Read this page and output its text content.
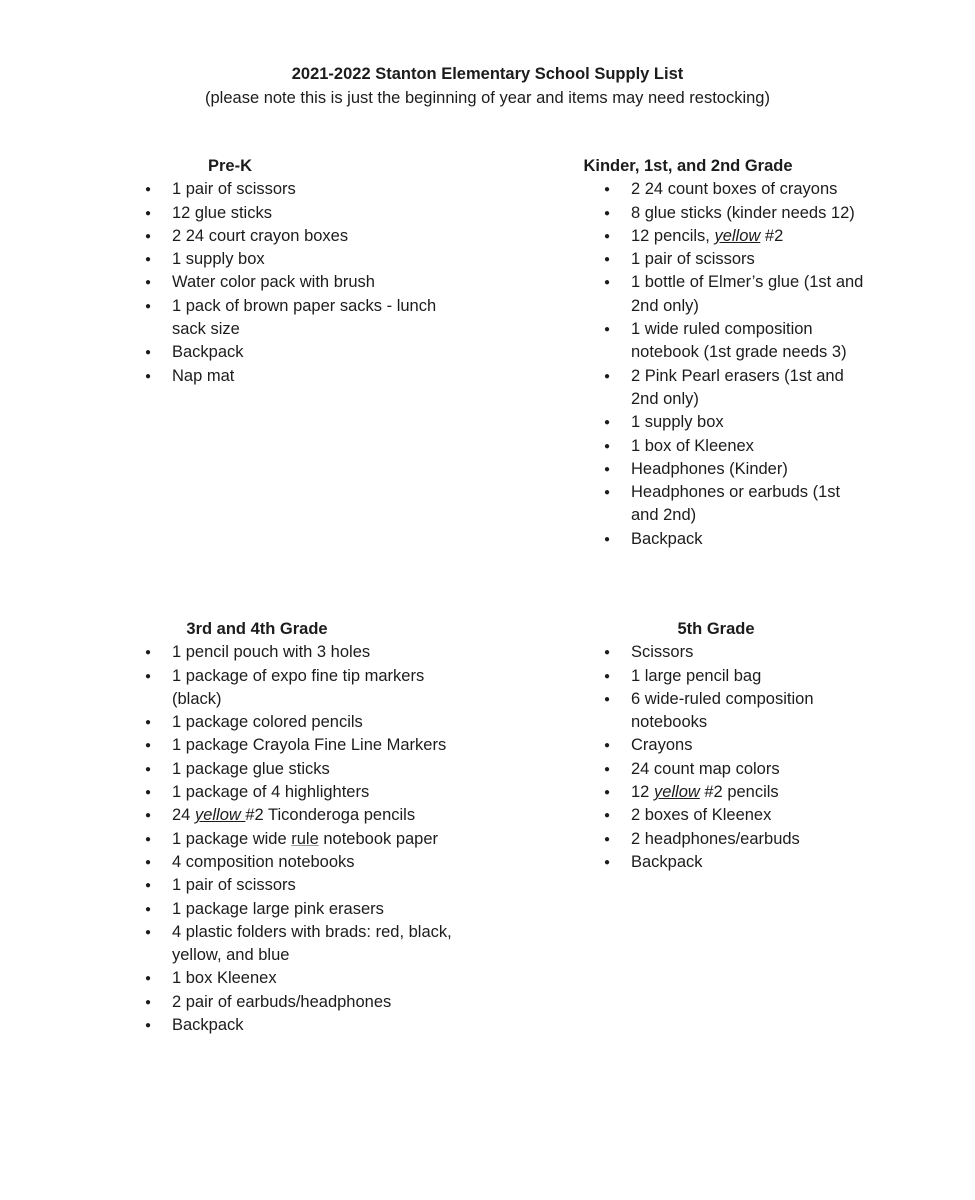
2021-2022 Stanton Elementary School Supply List
(please note this is just the beginning of year and items may need restocking)
Pre-K
● 1 pair of scissors
● 12 glue sticks
● 2 24 court crayon boxes
● 1 supply box
● Water color pack with brush
● 1 pack of brown paper sacks - lunch sack size
● Backpack
● Nap mat
Kinder, 1st, and 2nd Grade
● 2 24 count boxes of crayons
● 8 glue sticks (kinder needs 12)
● 12 pencils, yellow #2
● 1 pair of scissors
● 1 bottle of Elmer’s glue (1st and 2nd only)
● 1 wide ruled composition notebook (1st grade needs 3)
● 2 Pink Pearl erasers (1st and 2nd only)
● 1 supply box
● 1 box of Kleenex
● Headphones (Kinder)
● Headphones or earbuds (1st and 2nd)
● Backpack
3rd and 4th Grade
● 1 pencil pouch with 3 holes
● 1 package of expo fine tip markers (black)
● 1 package colored pencils
● 1 package Crayola Fine Line Markers
● 1 package glue sticks
● 1 package of 4 highlighters
● 24 yellow #2 Ticonderoga pencils
● 1 package wide rule notebook paper
● 4 composition notebooks
● 1 pair of scissors
● 1 package large pink erasers
● 4 plastic folders with brads: red, black, yellow, and blue
● 1 box Kleenex
● 2 pair of earbuds/headphones
● Backpack
5th Grade
● Scissors
● 1 large pencil bag
● 6 wide-ruled composition notebooks
● Crayons
● 24 count map colors
● 12 yellow #2 pencils
● 2 boxes of Kleenex
● 2 headphones/earbuds
● Backpack
